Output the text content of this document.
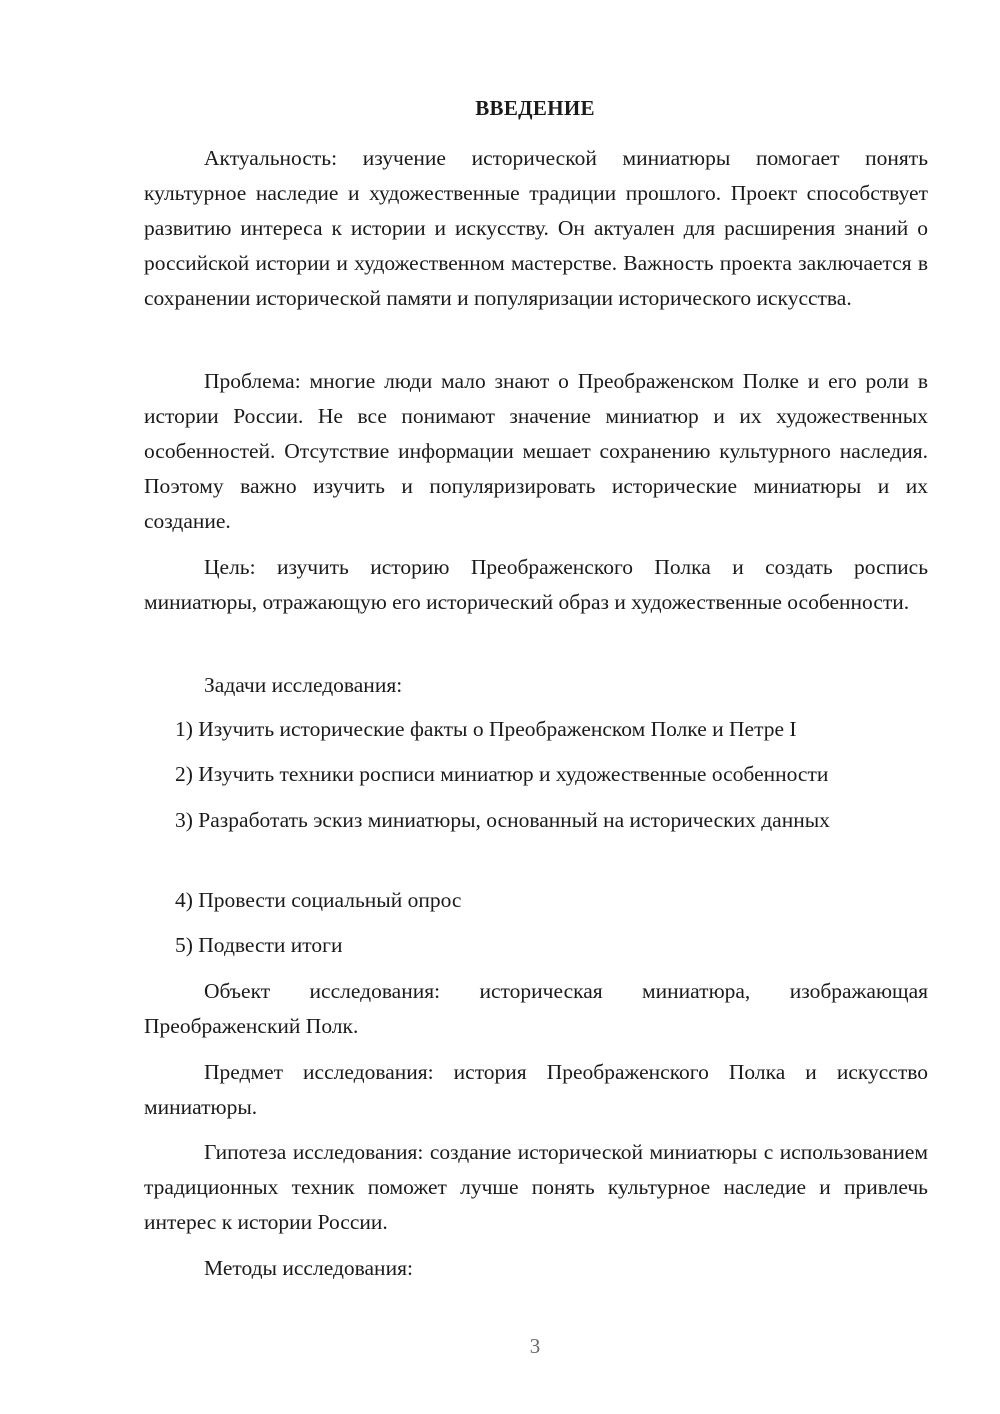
ВВЕДЕНИЕ

Актуальность: изучение исторической миниатюры помогает понять культурное наследие и художественные традиции прошлого. Проект способствует развитию интереса к истории и искусству. Он актуален для расширения знаний о российской истории и художественном мастерстве. Важность проекта заключается в сохранении исторической памяти и популяризации исторического искусства.

Проблема: многие люди мало знают о Преображенском Полке и его роли в истории России. Не все понимают значение миниатюр и их художественных особенностей. Отсутствие информации мешает сохранению культурного наследия. Поэтому важно изучить и популяризировать исторические миниатюры и их создание.

Цель: изучить историю Преображенского Полка и создать роспись миниатюры, отражающую его исторический образ и художественные особенности.

Задачи исследования:

1) Изучить исторические факты о Преображенском Полке и Петре I

2) Изучить техники росписи миниатюр и художественные особенности

3) Разработать эскиз миниатюры, основанный на исторических данных

4) Провести социальный опрос

5) Подвести итоги

Объект исследования: историческая миниатюра, изображающая Преображенский Полк.

Предмет исследования: история Преображенского Полка и искусство миниатюры.

Гипотеза исследования: создание исторической миниатюры с использованием традиционных техник поможет лучше понять культурное наследие и привлечь интерес к истории России.

Методы исследования:

3
